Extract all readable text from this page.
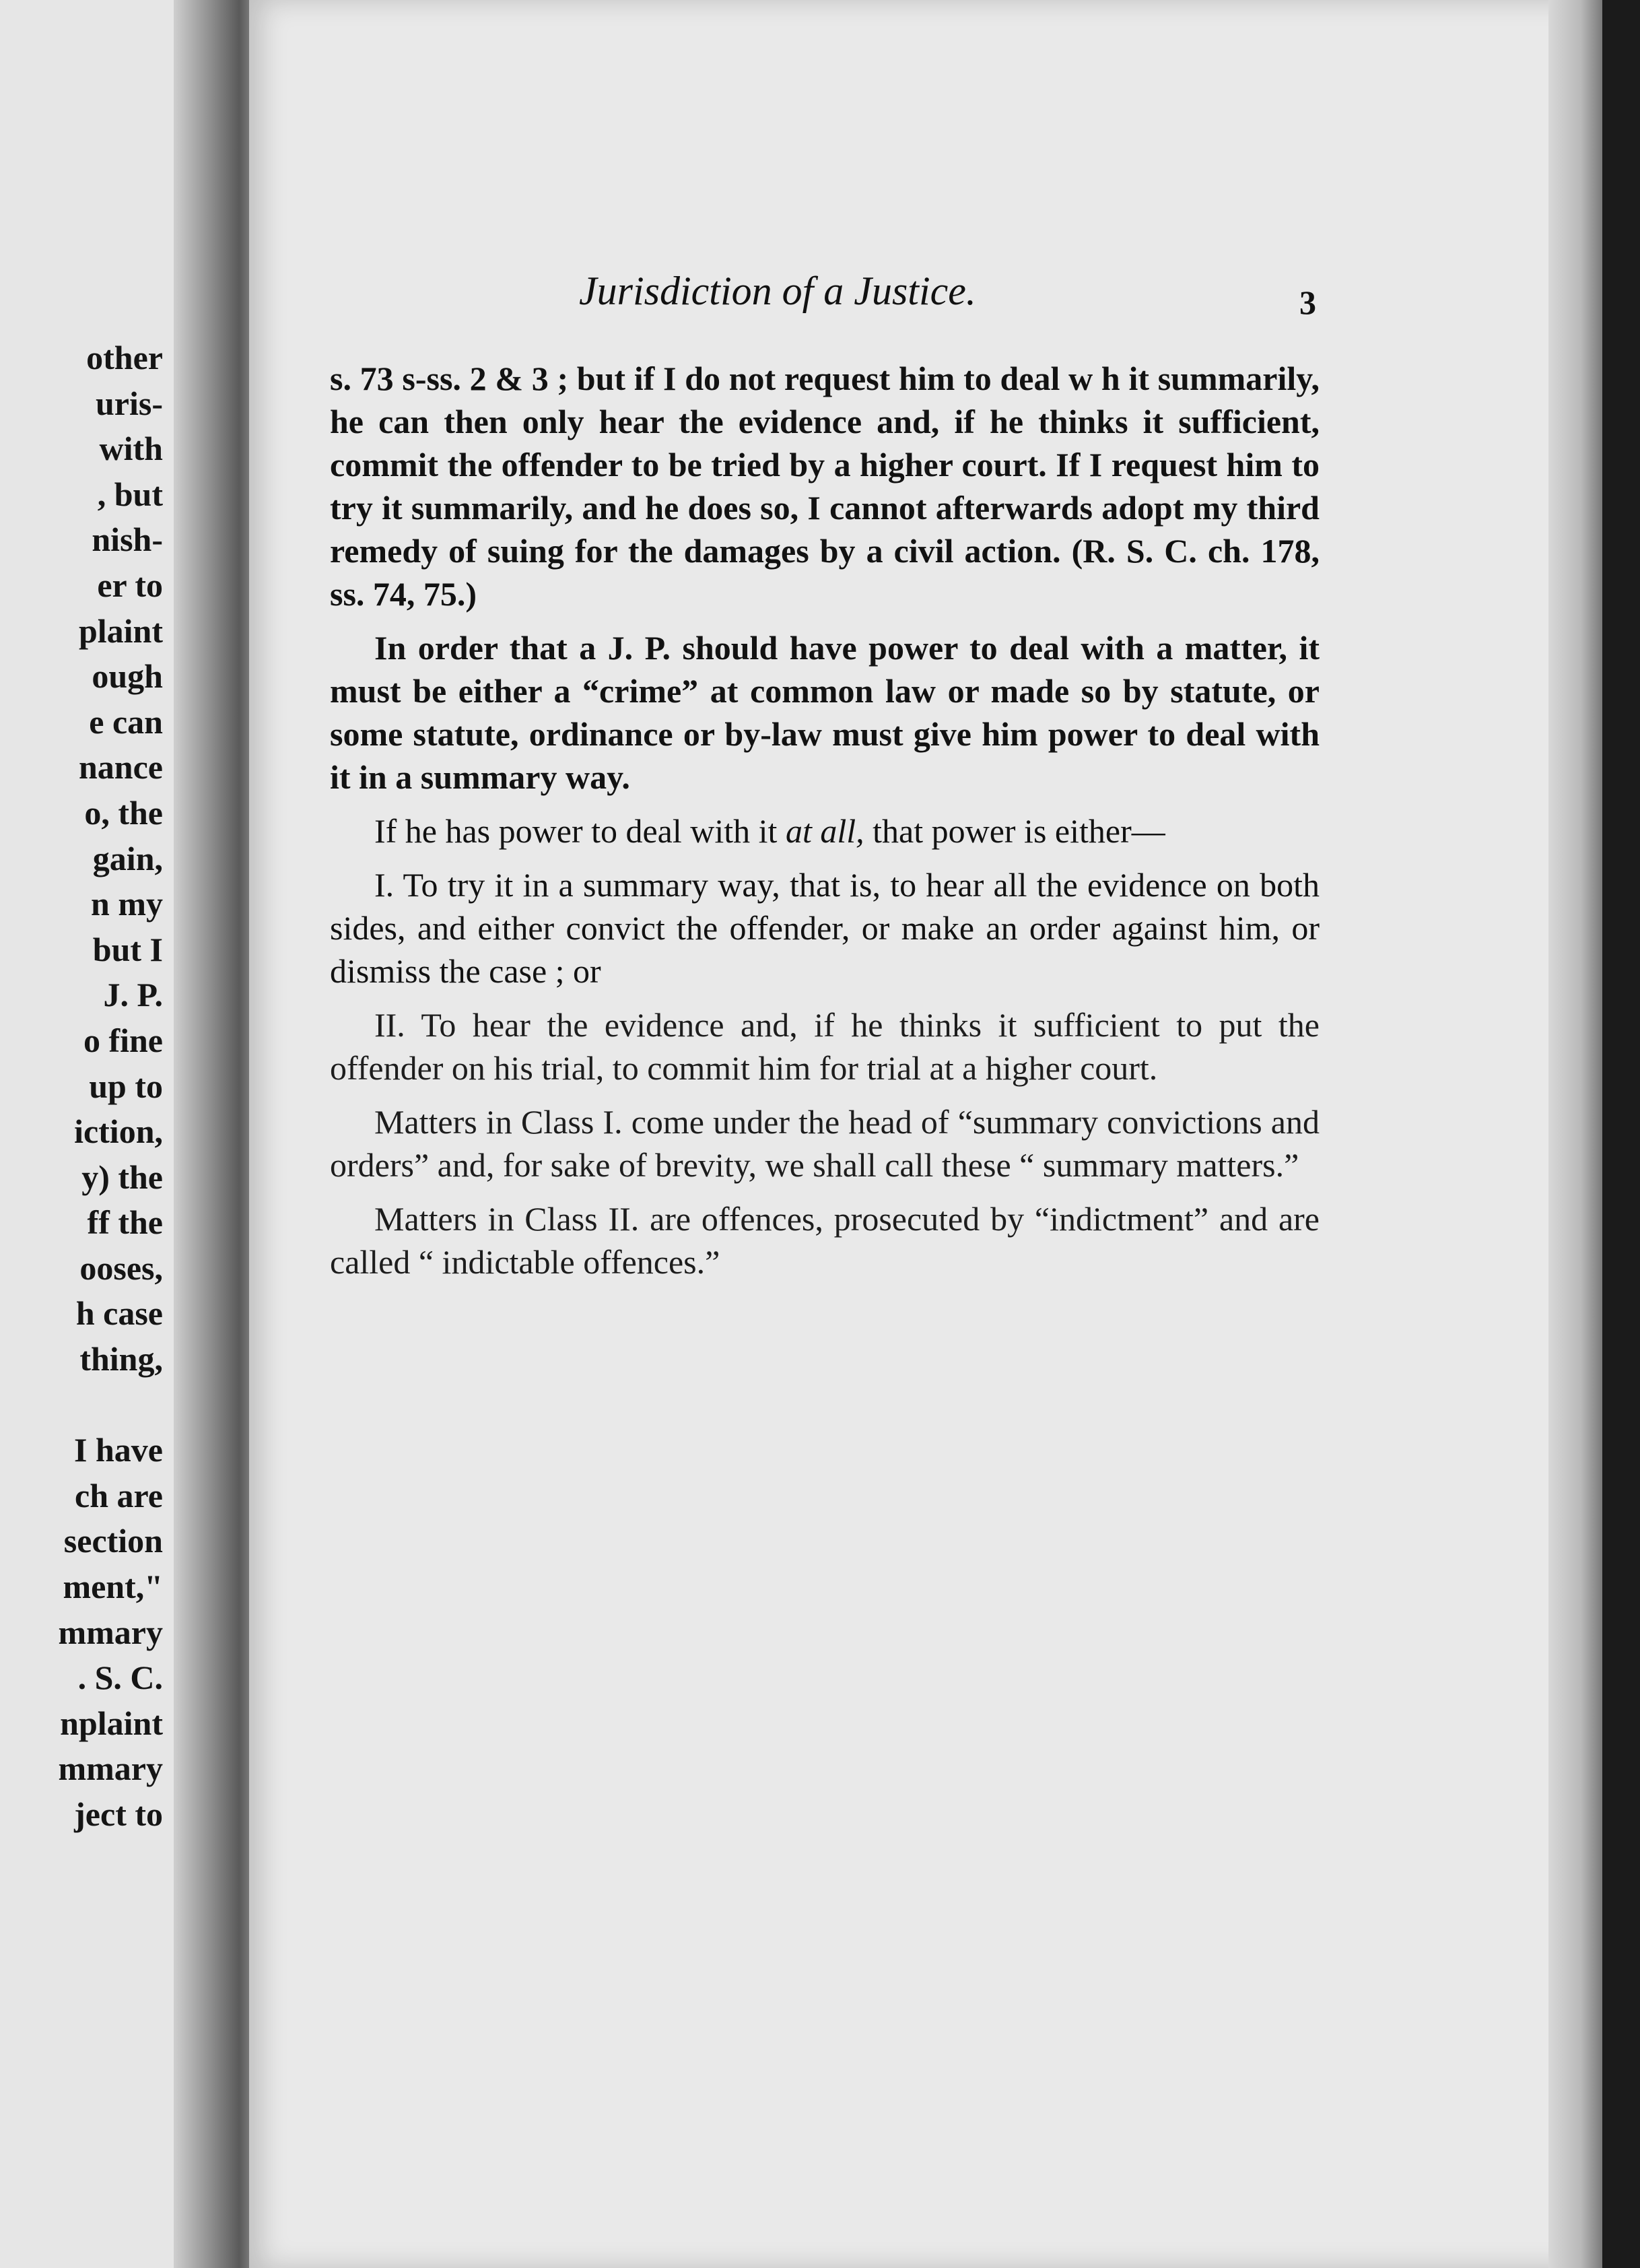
other
uris-
with
, but
nish-
er to
plaint
ough
e can
nance
o, the
gain,
n my
but I
J. P.
o fine
up to
iction,
y) the
ff the
ooses,
h case
thing,

I have
ch are
section
ment,"
mmary
. S. C.
nplaint
mmary
ject to
Jurisdiction of a Justice.	3

s. 73 s-ss. 2 & 3 ; but if I do not request him to deal w h it summarily, he can then only hear the evidence and, if he thinks it sufficient, commit the offender to be tried by a higher court. If I request him to try it summarily, and he does so, I cannot afterwards adopt my third remedy of suing for the damages by a civil action. (R. S. C. ch. 178, ss. 74, 75.)

In order that a J. P. should have power to deal with a matter, it must be either a “crime” at common law or made so by statute, or some statute, ordinance or by-law must give him power to deal with it in a summary way.

If he has power to deal with it at all, that power is either—

I. To try it in a summary way, that is, to hear all the evidence on both sides, and either convict the offender, or make an order against him, or dismiss the case ; or

II. To hear the evidence and, if he thinks it sufficient to put the offender on his trial, to commit him for trial at a higher court.

Matters in Class I. come under the head of “summary convictions and orders” and, for sake of brevity, we shall call these “ summary matters.”

Matters in Class II. are offences, prosecuted by “indictment” and are called “ indictable offences.”
